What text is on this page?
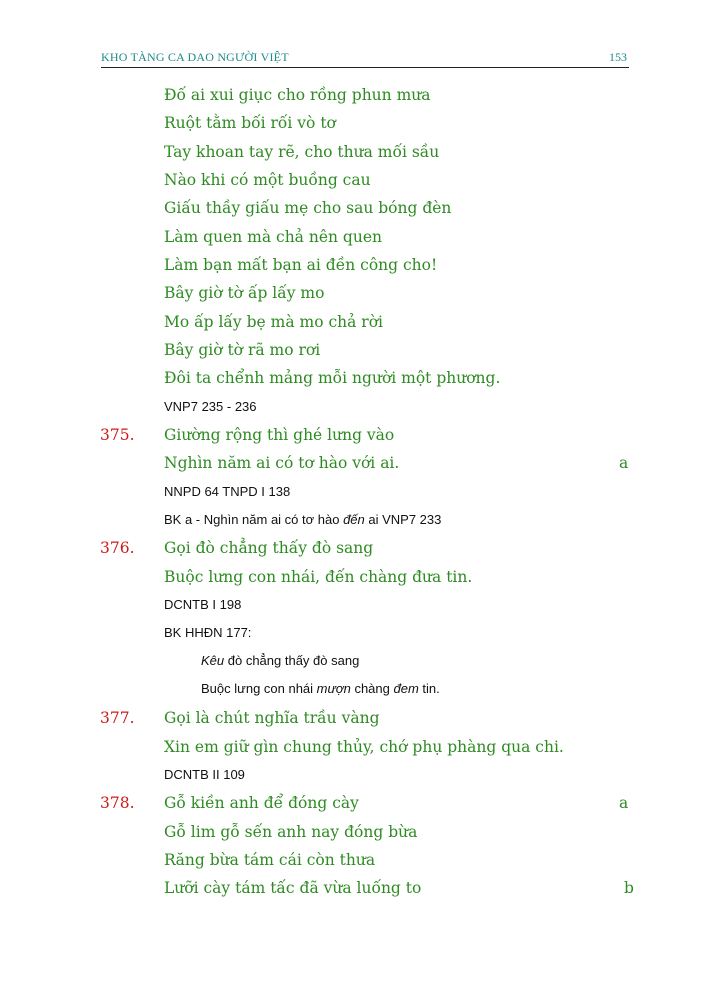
KHO TÀNG CA DAO NGƯỜI VIỆT	153
Đố ai xui giục cho rồng phun mưa
Ruột tằm bối rối vò tơ
Tay khoan tay rẽ, cho thưa mối sầu
Nào khi có một buồng cau
Giấu thầy giấu mẹ cho sau bóng đèn
Làm quen mà chả nên quen
Làm bạn mất bạn ai đền công cho!
Bây giờ tờ ấp lấy mo
Mo ấp lấy bẹ mà mo chả rời
Bây giờ tờ rã mo rơi
Đôi ta chểnh mảng mỗi người một phương.
VNP7 235 - 236
375. Giường rộng thì ghé lưng vào
Nghìn năm ai có tơ hào với ai.	a
NNPD 64 TNPD I 138
BK a - Nghìn năm ai có tơ hào đến ai VNP7 233
376. Gọi đò chẳng thấy đò sang
Buộc lưng con nhái, đến chàng đưa tin.
DCNTB I 198
BK HHĐN 177:
Kêu đò chẳng thấy đò sang
Buộc lưng con nhái mượn chàng đem tin.
377. Gọi là chút nghĩa trầu vàng
Xin em giữ gìn chung thủy, chớ phụ phàng qua chi.
DCNTB II 109
378. Gỗ kiền anh để đóng cày	a
Gỗ lim gỗ sến anh nay đóng bừa
Răng bừa tám cái còn thưa
Lưỡi cày tám tấc đã vừa luống to	b
